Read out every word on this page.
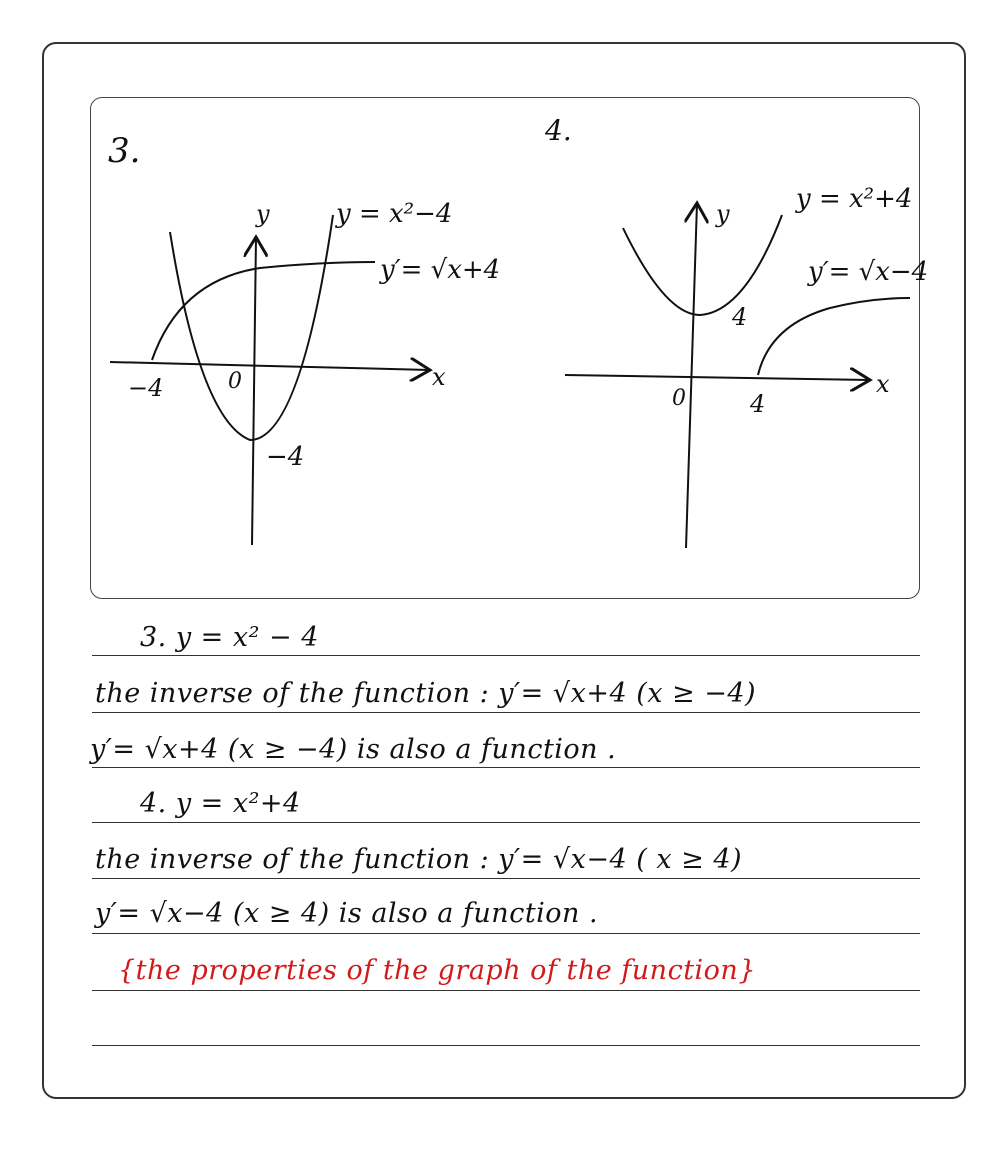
3.
y
x
0
−4
−4
y = x²−4
y′= √x+4
4.
y
x
0	4
4
y = x²+4
y′= √x−4
3. y = x² − 4
the inverse of the function : y′= √x+4 (x ≥ −4)
y′= √x+4 (x ≥ −4) is also a function .
4. y = x²+4
the inverse of the function : y′= √x−4 ( x ≥ 4)
y′= √x−4 (x ≥ 4) is also a function .
{the properties of the graph of the function}
